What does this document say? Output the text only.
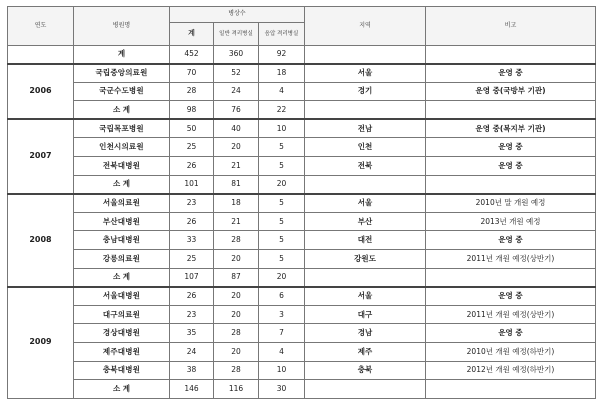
연도	병원명	병상수			지역	비고
		계	일반 격리병실	음압 격리병실		
	계	452	360	92		
2006	국립중앙의료원	70	52	18	서울	운영 중
	국군수도병원	28	24	4	경기	운영 중(국방부 기관)
	소 계	98	76	22		
2007	국립목포병원	50	40	10	전남	운영 중(복지부 기관)
	인천시의료원	25	20	5	인천	운영 중
	전북대병원	26	21	5	전북	운영 중
	소 계	101	81	20		
2008	서울의료원	23	18	5	서울	2010년 말 개원 예정
	부산대병원	26	21	5	부산	2013년 개원 예정
	충남대병원	33	28	5	대전	운영 중
	강릉의료원	25	20	5	강원도	2011년 개원 예정(상반기)
	소 계	107	87	20		
2009	서울대병원	26	20	6	서울	운영 중
	대구의료원	23	20	3	대구	2011년 개원 예정(상반기)
	경상대병원	35	28	7	경남	운영 중
	제주대병원	24	20	4	제주	2010년 개원 예정(하반기)
	충북대병원	38	28	10	충북	2012년 개원 예정(하반기)
	소 계	146	116	30		
